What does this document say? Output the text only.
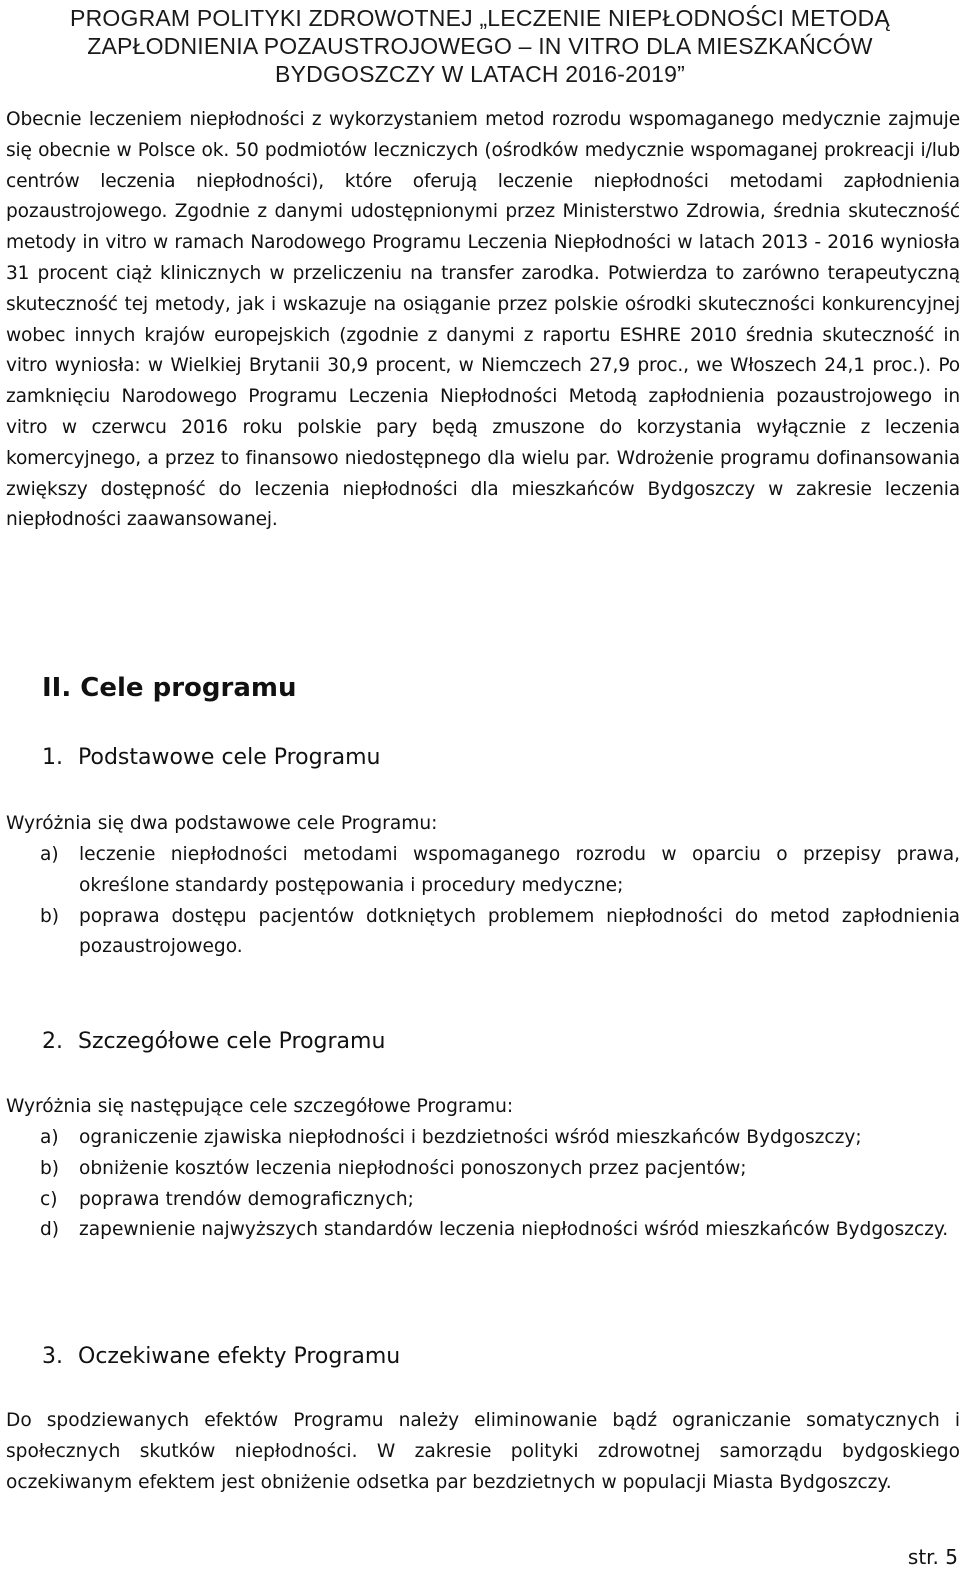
PROGRAM POLITYKI ZDROWOTNEJ „LECZENIE NIEPŁODNOŚCI METODĄ
ZAPŁODNIENIA POZAUSTROJOWEGO – IN VITRO DLA MIESZKAŃCÓW
BYDGOSZCZY W LATACH 2016-2019”
Obecnie leczeniem niepłodności z wykorzystaniem metod rozrodu wspomaganego medycznie zajmuje się obecnie w Polsce ok. 50 podmiotów leczniczych (ośrodków medycznie wspomaganej prokreacji i/lub centrów leczenia niepłodności), które oferują leczenie niepłodności metodami zapłodnienia pozaustrojowego. Zgodnie z danymi udostępnionymi przez Ministerstwo Zdrowia, średnia skuteczność metody in vitro w ramach Narodowego Programu Leczenia Niepłodności w latach 2013 - 2016 wyniosła 31 procent ciąż klinicznych w przeliczeniu na transfer zarodka. Potwierdza to zarówno terapeutyczną skuteczność tej metody, jak i wskazuje na osiąganie przez polskie ośrodki skuteczności konkurencyjnej wobec innych krajów europejskich (zgodnie z danymi z raportu ESHRE 2010 średnia skuteczność in vitro wyniosła: w Wielkiej Brytanii 30,9 procent, w Niemczech 27,9 proc., we Włoszech 24,1 proc.). Po zamknięciu Narodowego Programu Leczenia Niepłodności Metodą zapłodnienia pozaustrojowego in vitro w czerwcu 2016 roku polskie pary będą zmuszone do korzystania wyłącznie z leczenia komercyjnego, a przez to finansowo niedostępnego dla wielu par. Wdrożenie programu dofinansowania zwiększy dostępność do leczenia niepłodności dla mieszkańców Bydgoszczy w zakresie leczenia niepłodności zaawansowanej.
II. Cele programu
1. Podstawowe cele Programu
Wyróżnia się dwa podstawowe cele Programu:
a) leczenie niepłodności metodami wspomaganego rozrodu w oparciu o przepisy prawa, określone standardy postępowania i procedury medyczne;
b) poprawa dostępu pacjentów dotkniętych problemem niepłodności do metod zapłodnienia pozaustrojowego.
2. Szczegółowe cele Programu
Wyróżnia się następujące cele szczegółowe Programu:
a) ograniczenie zjawiska niepłodności i bezdzietności wśród mieszkańców Bydgoszczy;
b) obniżenie kosztów leczenia niepłodności ponoszonych przez pacjentów;
c) poprawa trendów demograficznych;
d) zapewnienie najwyższych standardów leczenia niepłodności wśród mieszkańców Bydgoszczy.
3. Oczekiwane efekty Programu
Do spodziewanych efektów Programu należy eliminowanie bądź ograniczanie somatycznych i społecznych skutków niepłodności. W zakresie polityki zdrowotnej samorządu bydgoskiego oczekiwanym efektem jest obniżenie odsetka par bezdzietnych w populacji Miasta Bydgoszczy.
str. 5
